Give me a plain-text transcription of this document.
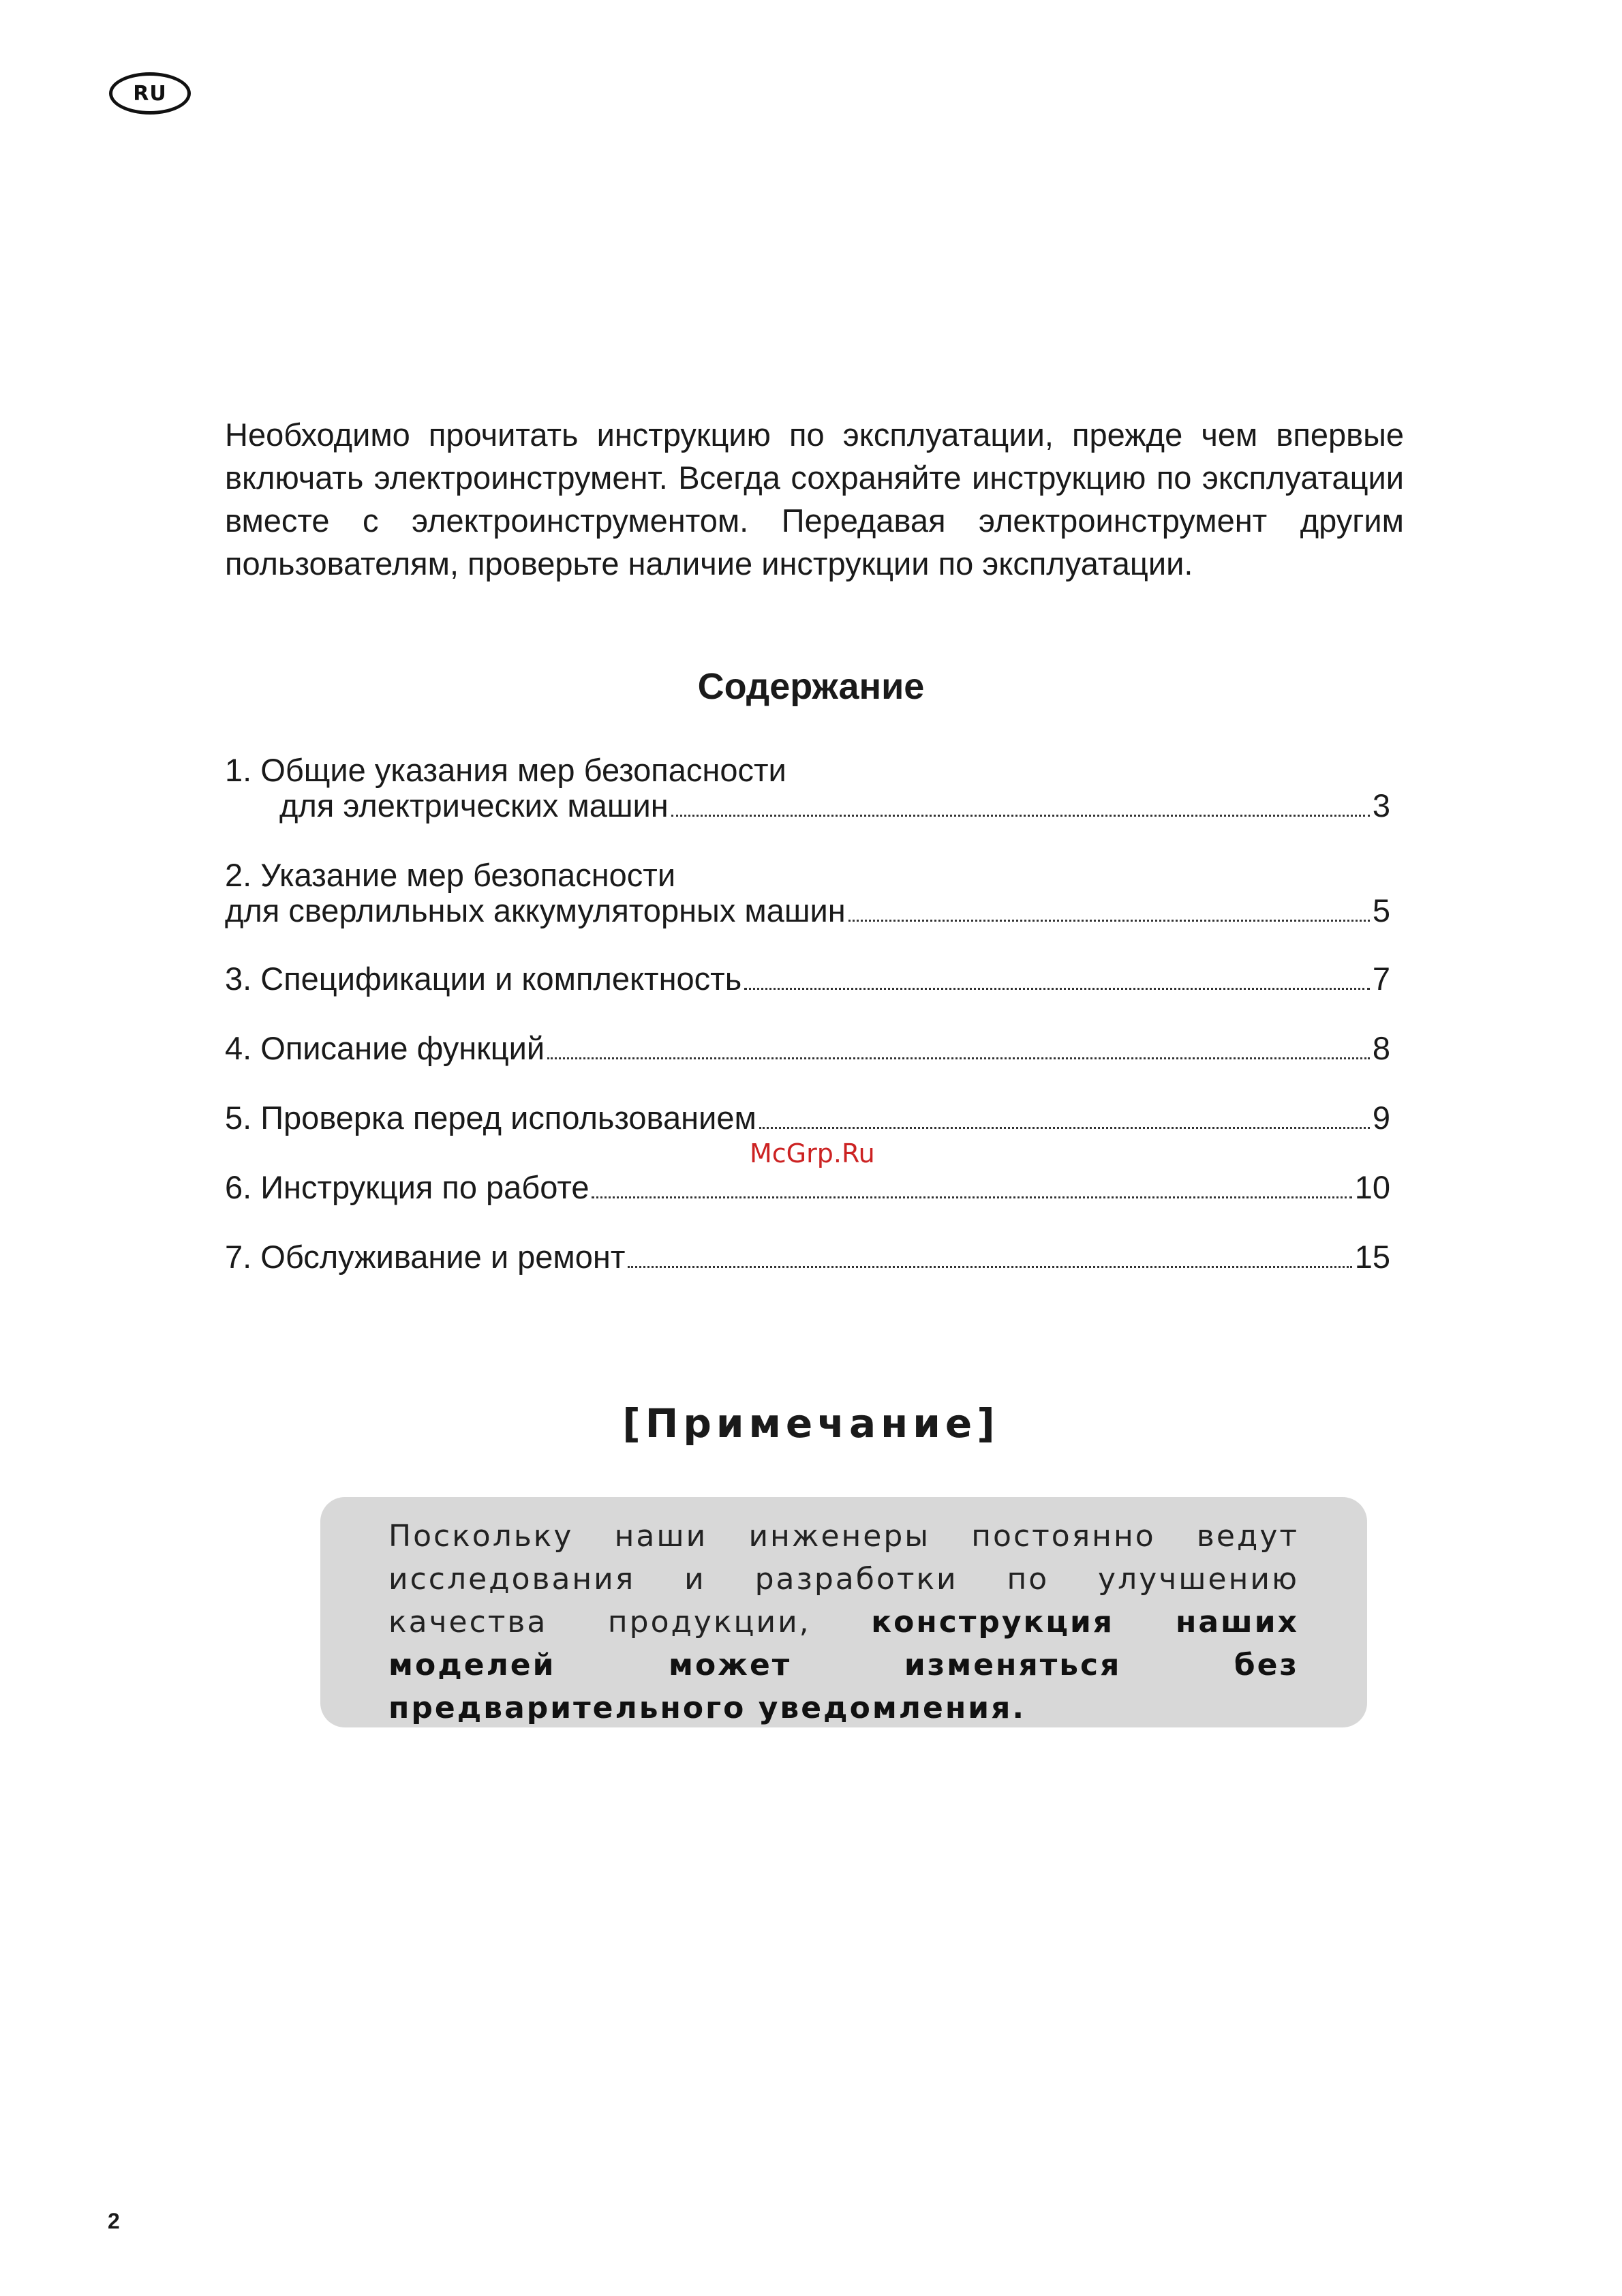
RU

Необходимо прочитать инструкцию по эксплуатации, прежде чем впервые включать электроинструмент. Всегда сохраняйте инструкцию по эксплуатации вместе с электроинструментом. Передавая электроинструмент другим пользователям, проверьте наличие инструкции по эксплуатации.

Содержание
1. Общие указания мер безопасности
для электрических машин	3
2. Указание мер безопасности
для сверлильных аккумуляторных машин	5
3. Спецификации и комплектность	7
4. Описание функций	8
5. Проверка перед использованием	9
6. Инструкция по работе	10
7. Обслуживание и ремонт	15
McGrp.Ru
[Примечание]

Поскольку наши инженеры постоянно ведут исследования и разработки по улучшению качества продукции, конструкция наших моделей может изменяться без предварительного уведомления.

2
